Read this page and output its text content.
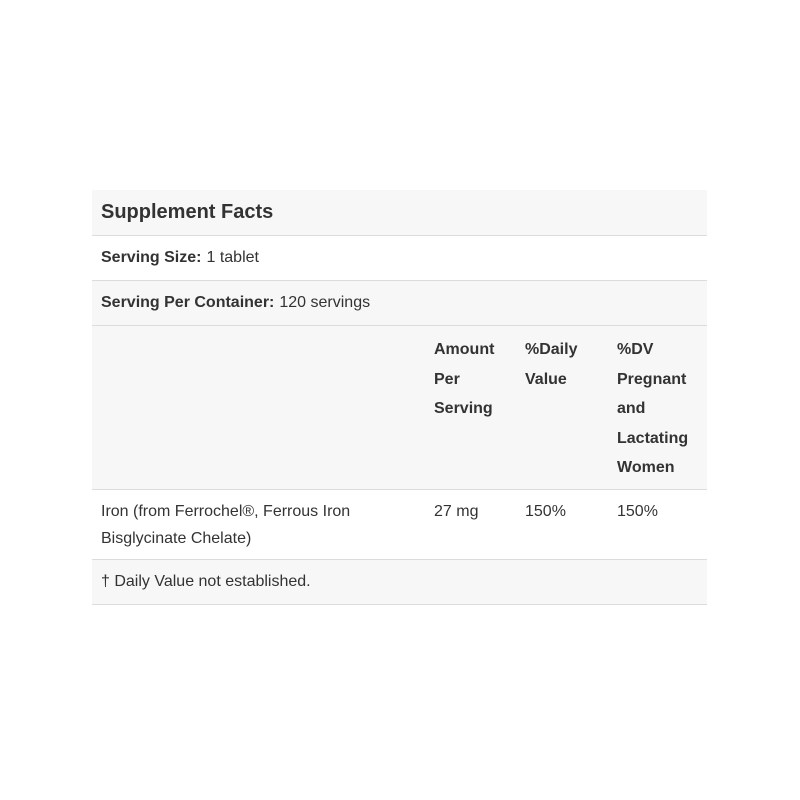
Supplement Facts
Serving Size: 1 tablet
Serving Per Container: 120 servings
Amount Per Serving
%Daily Value
%DV Pregnant and Lactating Women
Iron (from Ferrochel®, Ferrous Iron Bisglycinate Chelate)
27 mg	150%	150%
† Daily Value not established.
